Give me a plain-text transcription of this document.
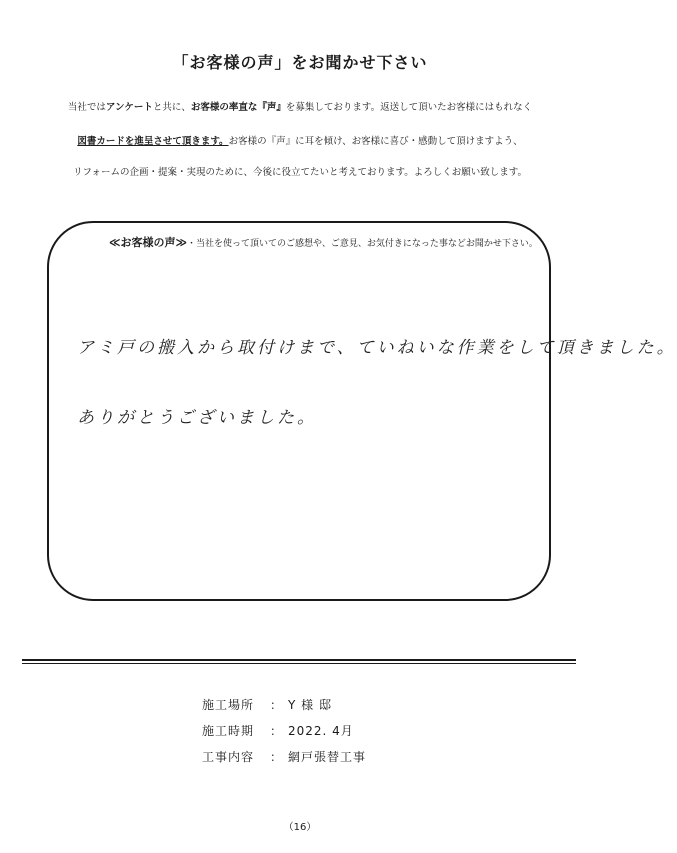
「お客様の声」をお聞かせ下さい
当社ではアンケートと共に、お客様の率直な『声』を募集しております。返送して頂いたお客様にはもれなく
図書カードを進呈させて頂きます。お客様の『声』に耳を傾け、お客様に喜び・感動して頂けますよう、
リフォームの企画・提案・実現のために、今後に役立てたいと考えております。よろしくお願い致します。
≪お客様の声≫・当社を使って頂いてのご感想や、ご意見、お気付きになった事などお聞かせ下さい。
アミ戸の搬入から取付けまで、ていねいな作業をして頂きました。
ありがとうございました。
施工場所 ： Y 様 邸
施工時期 ： 2022. 4月
工事内容 ： 網戸張替工事
（16）
